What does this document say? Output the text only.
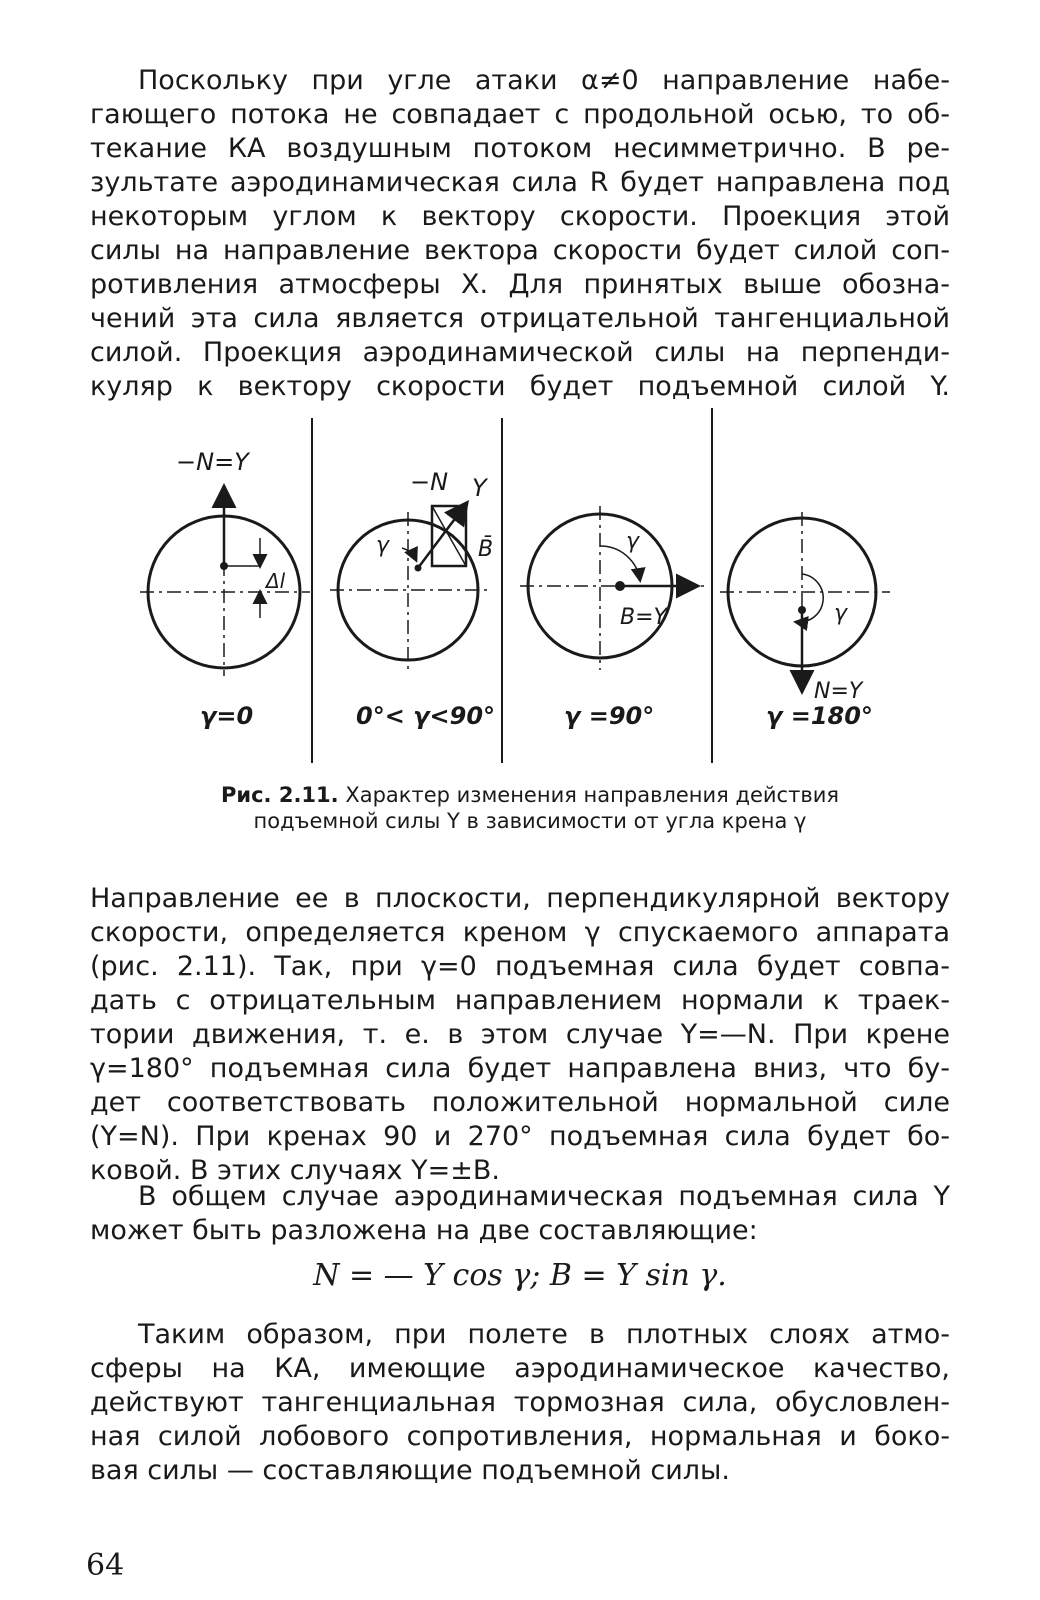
Поскольку при угле атаки α≠0 направление набе-
гающего потока не совпадает с продольной осью, то об-
текание КА воздушным потоком несимметрично. В ре-
зультате аэродинамическая сила R будет направлена под
некоторым углом к вектору скорости. Проекция этой
силы на направление вектора скорости будет силой соп-
ротивления атмосферы X. Для принятых выше обозна-
чений эта сила является отрицательной тангенциальной
силой. Проекция аэродинамической силы на перпенди-
куляр к вектору скорости будет подъемной силой Y.
−N=Y
Δl
γ=0
−N Y
B̄
γ
0°< γ<90°
γ
B=Y
γ =90°
γ
N=Y
γ =180°
Рис. 2.11. Характер изменения направления действия
подъемной силы Y в зависимости от угла крена γ
Направление ее в плоскости, перпендикулярной вектору
скорости, определяется креном γ спускаемого аппарата
(рис. 2.11). Так, при γ=0 подъемная сила будет совпа-
дать с отрицательным направлением нормали к траек-
тории движения, т. е. в этом случае Y=—N. При крене
γ=180° подъемная сила будет направлена вниз, что бу-
дет соответствовать положительной нормальной силе
(Y=N). При кренах 90 и 270° подъемная сила будет бо-
ковой. В этих случаях Y=±B.
В общем случае аэродинамическая подъемная сила Y
может быть разложена на две составляющие:
N = — Y cos γ; B = Y sin γ.
Таким образом, при полете в плотных слоях атмо-
сферы на КА, имеющие аэродинамическое качество,
действуют тангенциальная тормозная сила, обусловлен-
ная силой лобового сопротивления, нормальная и боко-
вая силы — составляющие подъемной силы.
64
